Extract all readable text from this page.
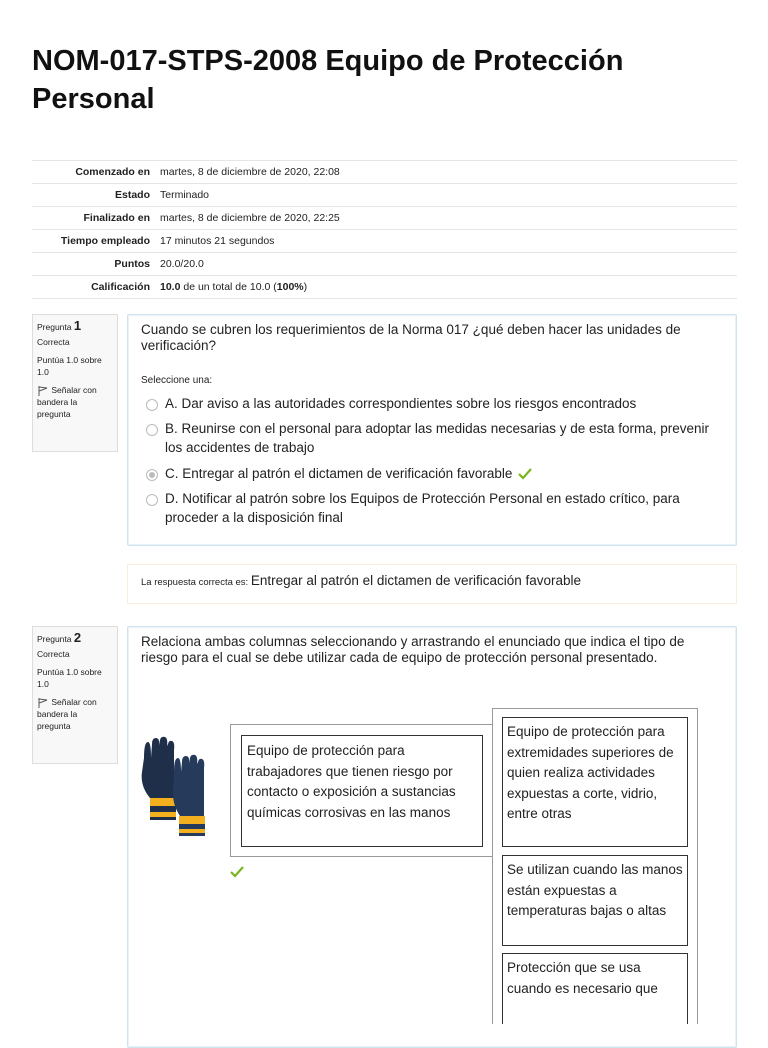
NOM-017-STPS-2008 Equipo de Protección Personal
Comenzado en	martes, 8 de diciembre de 2020, 22:08
Estado	Terminado
Finalizado en	martes, 8 de diciembre de 2020, 22:25
Tiempo empleado	17 minutos 21 segundos
Puntos	20.0/20.0
Calificación	10.0 de un total de 10.0 (100%)
Pregunta 1
Correcta
Puntúa 1.0 sobre 1.0
Señalar con bandera la pregunta

Cuando se cubren los requerimientos de la Norma 017 ¿qué deben hacer las unidades de verificación?

Seleccione una:
A. Dar aviso a las autoridades correspondientes sobre los riesgos encontrados
B. Reunirse con el personal para adoptar las medidas necesarias y de esta forma, prevenir los accidentes de trabajo
C. Entregar al patrón el dictamen de verificación favorable
D. Notificar al patrón sobre los Equipos de Protección Personal en estado crítico, para proceder a la disposición final
La respuesta correcta es: Entregar al patrón el dictamen de verificación favorable
Pregunta 2
Correcta
Puntúa 1.0 sobre 1.0
Señalar con bandera la pregunta

Relaciona ambas columnas seleccionando y arrastrando el enunciado que indica el tipo de riesgo para el cual se debe utilizar cada de equipo de protección personal presentado.

Equipo de protección para trabajadores que tienen riesgo por contacto o exposición a sustancias químicas corrosivas en las manos
Equipo de protección para extremidades superiores de quien realiza actividades expuestas a corte, vidrio, entre otras
Se utilizan cuando las manos están expuestas a temperaturas bajas o altas
Protección que se usa cuando es necesario que
